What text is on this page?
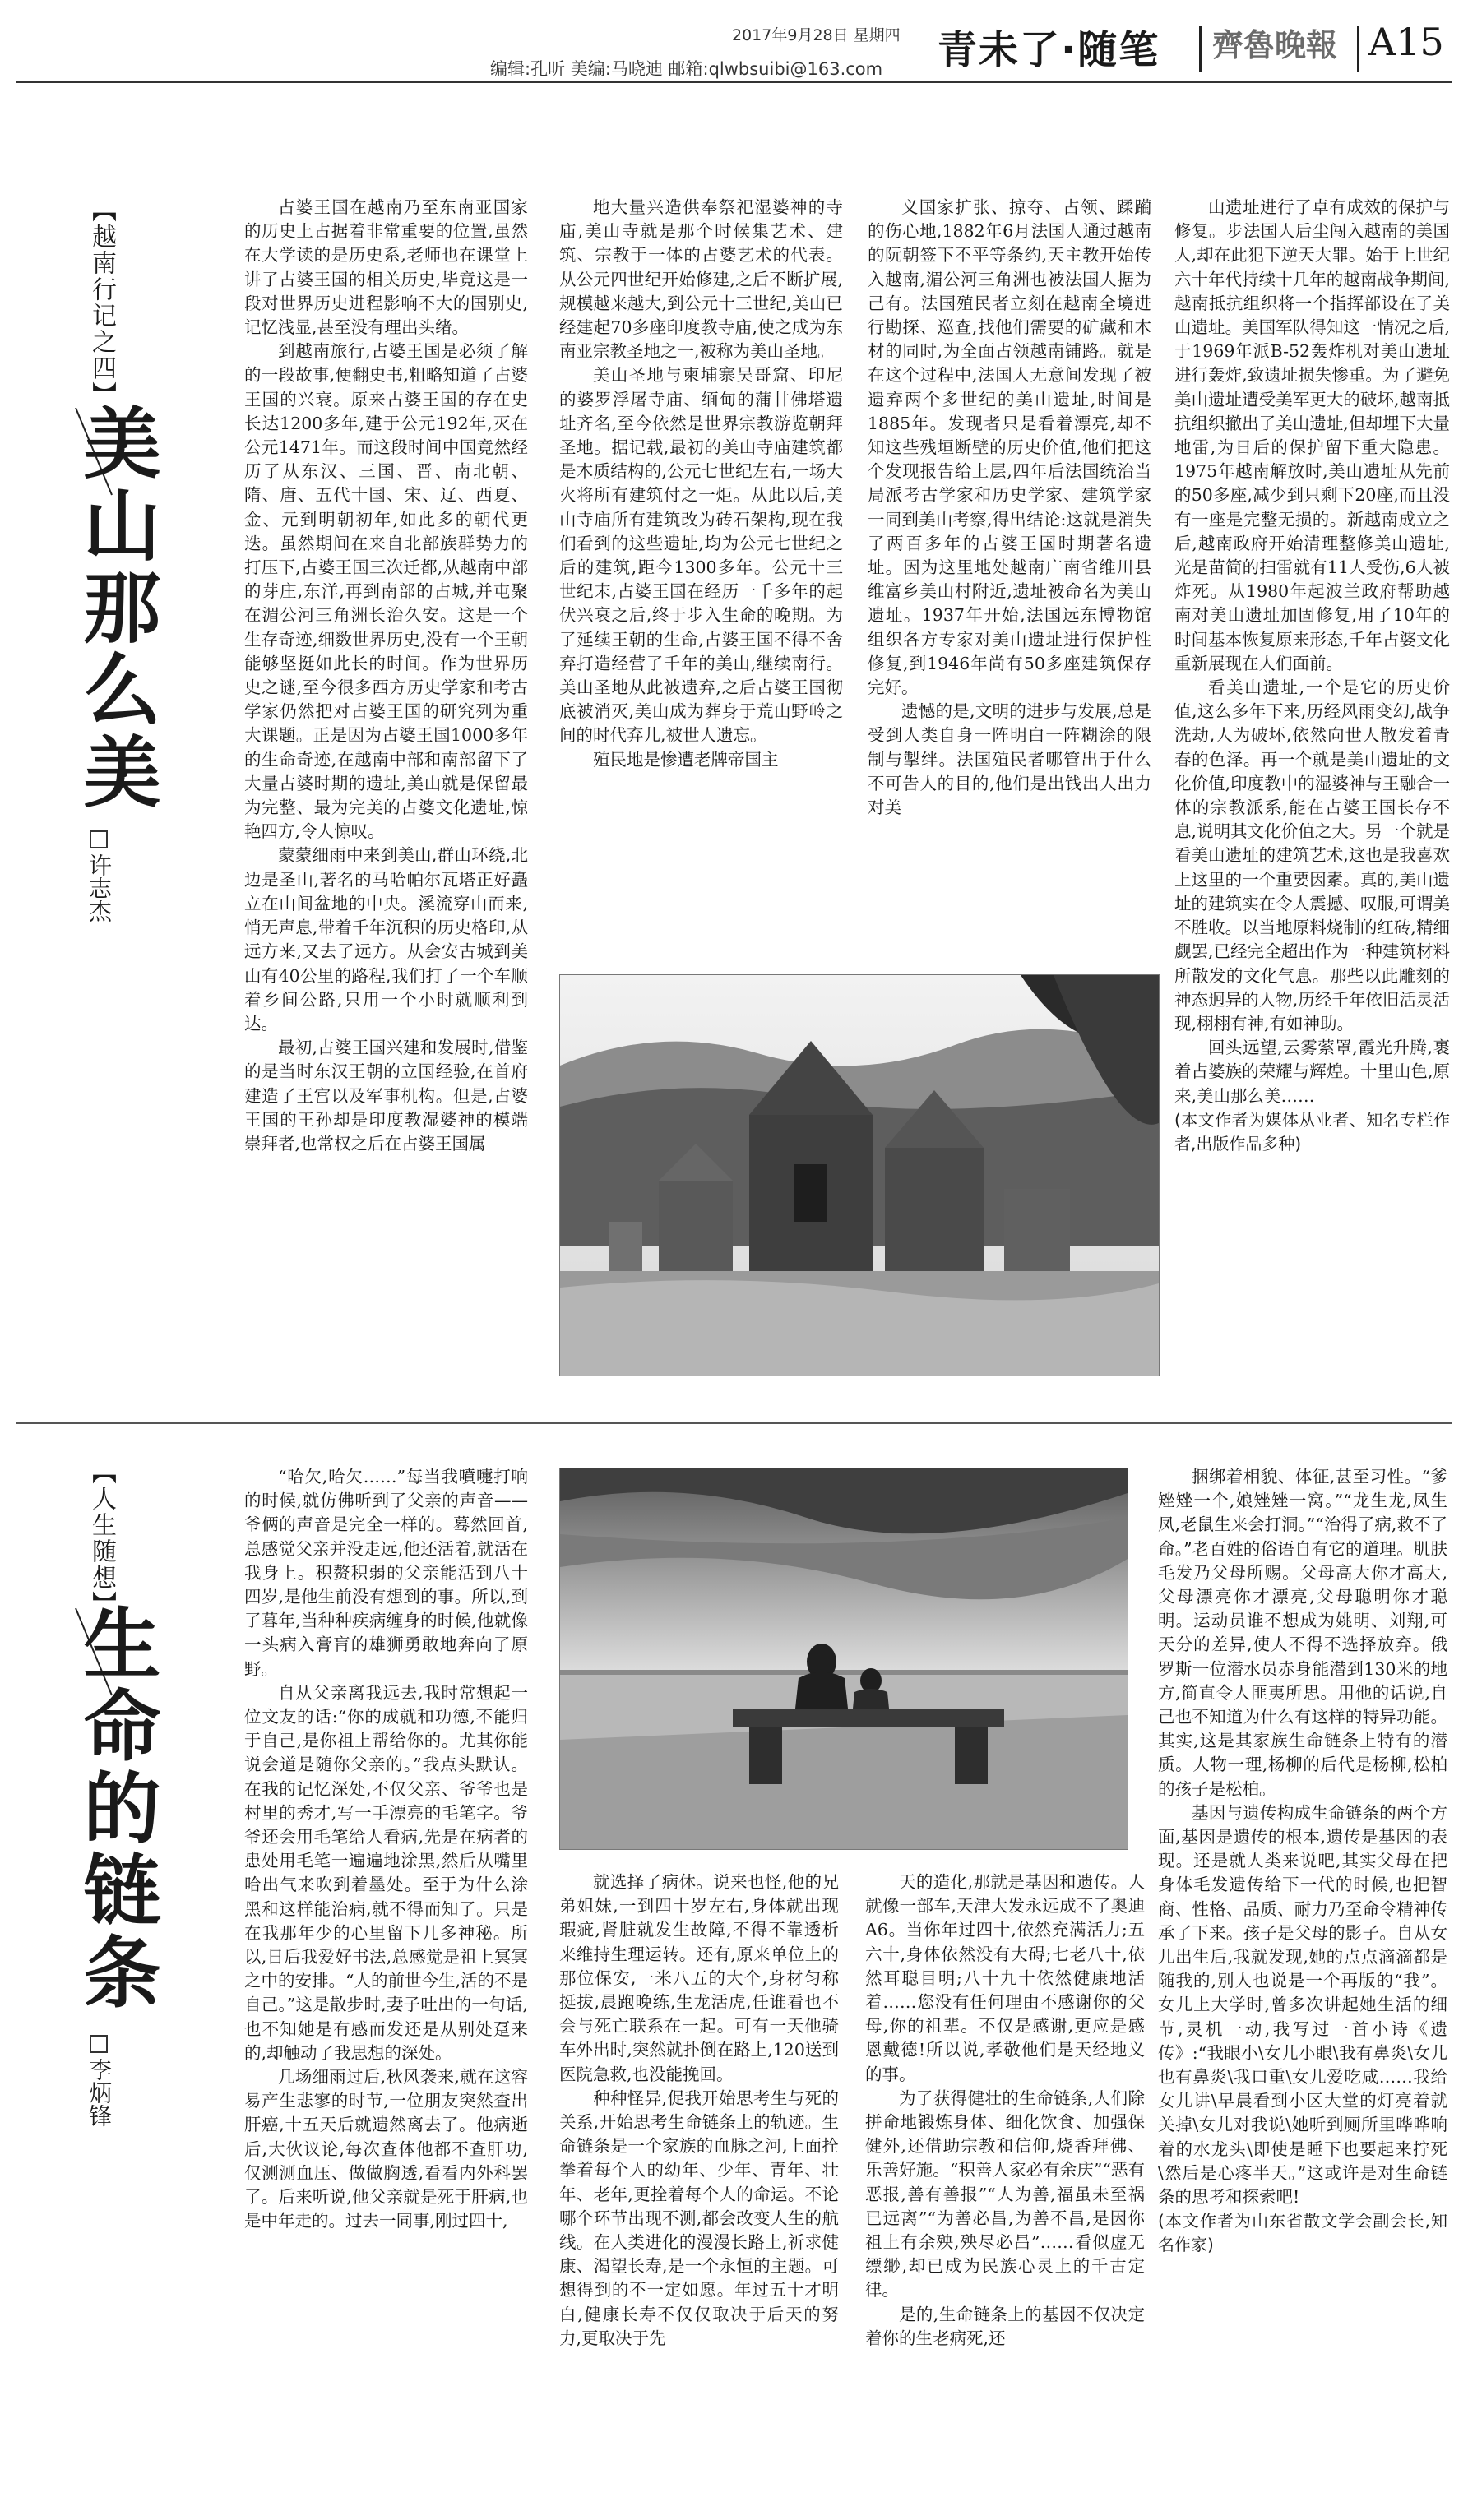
2017年9月28日 星期四
编辑:孔昕 美编:马晓迪 邮箱:qlwbsuibi@163.com 青未了·随笔 齊魯晚報 A15
【越南行记之四】
美山那么美
许志杰

占婆王国在越南乃至东南亚国家的历史上占据着非常重要的位置,虽然在大学读的是历史系,老师也在课堂上讲了占婆王国的相关历史,毕竟这是一段对世界历史进程影响不大的国别史,记忆浅显,甚至没有理出头绪。

到越南旅行,占婆王国是必须了解的一段故事,便翻史书,粗略知道了占婆王国的兴衰。原来占婆王国的存在史长达1200多年,建于公元192年,灭在公元1471年。而这段时间中国竟然经历了从东汉、三国、晋、南北朝、隋、唐、五代十国、宋、辽、西夏、金、元到明朝初年,如此多的朝代更迭。虽然期间在来自北部族群势力的打压下,占婆王国三次迁都,从越南中部的芽庄,东洋,再到南部的占城,并屯聚在湄公河三角洲长治久安。这是一个生存奇迹,细数世界历史,没有一个王朝能够坚挺如此长的时间。作为世界历史之谜,至今很多西方历史学家和考古学家仍然把对占婆王国的研究列为重大课题。正是因为占婆王国1000多年的生命奇迹,在越南中部和南部留下了大量占婆时期的遗址,美山就是保留最为完整、最为完美的占婆文化遗址,惊艳四方,令人惊叹。

蒙蒙细雨中来到美山,群山环绕,北边是圣山,著名的马哈帕尔瓦塔正好矗立在山间盆地的中央。溪流穿山而来,悄无声息,带着千年沉积的历史格印,从远方来,又去了远方。从会安古城到美山有40公里的路程,我们打了一个车顺着乡间公路,只用一个小时就顺利到达。

最初,占婆王国兴建和发展时,借鉴的是当时东汉王朝的立国经验,在首府建造了王宫以及军事机构。但是,占婆王国的王孙却是印度教湿婆神的模端崇拜者,也常权之后在占婆王国属

地大量兴造供奉祭祀湿婆神的寺庙,美山寺就是那个时候集艺术、建筑、宗教于一体的占婆艺术的代表。从公元四世纪开始修建,之后不断扩展,规模越来越大,到公元十三世纪,美山已经建起70多座印度教寺庙,使之成为东南亚宗教圣地之一,被称为美山圣地。

美山圣地与柬埔寨吴哥窟、印尼的婆罗浮屠寺庙、缅甸的蒲甘佛塔遗址齐名,至今依然是世界宗教游览朝拜圣地。据记载,最初的美山寺庙建筑都是木质结构的,公元七世纪左右,一场大火将所有建筑付之一炬。从此以后,美山寺庙所有建筑改为砖石架构,现在我们看到的这些遗址,均为公元七世纪之后的建筑,距今1300多年。公元十三世纪末,占婆王国在经历一千多年的起伏兴衰之后,终于步入生命的晚期。为了延续王朝的生命,占婆王国不得不舍弃打造经营了千年的美山,继续南行。美山圣地从此被遗弃,之后占婆王国彻底被消灭,美山成为葬身于荒山野岭之间的时代弃儿,被世人遗忘。

殖民地是惨遭老牌帝国主

义国家扩张、掠夺、占领、蹂躏的伤心地,1882年6月法国人通过越南的阮朝签下不平等条约,天主教开始传入越南,湄公河三角洲也被法国人据为己有。法国殖民者立刻在越南全境进行勘探、巡查,找他们需要的矿藏和木材的同时,为全面占领越南铺路。就是在这个过程中,法国人无意间发现了被遗弃两个多世纪的美山遗址,时间是1885年。发现者只是看着漂亮,却不知这些残垣断壁的历史价值,他们把这个发现报告给上层,四年后法国统治当局派考古学家和历史学家、建筑学家一同到美山考察,得出结论:这就是消失了两百多年的占婆王国时期著名遗址。因为这里地处越南广南省维川县维富乡美山村附近,遗址被命名为美山遗址。1937年开始,法国远东博物馆组织各方专家对美山遗址进行保护性修复,到1946年尚有50多座建筑保存完好。

遗憾的是,文明的进步与发展,总是受到人类自身一阵明白一阵糊涂的限制与掣绊。法国殖民者哪管出于什么不可告人的目的,他们是出钱出人出力对美

山遗址进行了卓有成效的保护与修复。步法国人后尘闯入越南的美国人,却在此犯下逆天大罪。始于上世纪六十年代持续十几年的越南战争期间,越南抵抗组织将一个指挥部设在了美山遗址。美国军队得知这一情况之后,于1969年派B-52轰炸机对美山遗址进行轰炸,致遗址损失惨重。为了避免美山遗址遭受美军更大的破坏,越南抵抗组织撤出了美山遗址,但却埋下大量地雷,为日后的保护留下重大隐患。1975年越南解放时,美山遗址从先前的50多座,减少到只剩下20座,而且没有一座是完整无损的。新越南成立之后,越南政府开始清理整修美山遗址,光是苗简的扫雷就有11人受伤,6人被炸死。从1980年起波兰政府帮助越南对美山遗址加固修复,用了10年的时间基本恢复原来形态,千年占婆文化重新展现在人们面前。

看美山遗址,一个是它的历史价值,这么多年下来,历经风雨变幻,战争洗劫,人为破坏,依然向世人散发着青春的色泽。再一个就是美山遗址的文化价值,印度教中的湿婆神与王融合一体的宗教派系,能在占婆王国长存不息,说明其文化价值之大。另一个就是看美山遗址的建筑艺术,这也是我喜欢上这里的一个重要因素。真的,美山遗址的建筑实在令人震撼、叹服,可谓美不胜收。以当地原料烧制的红砖,精细觑罢,已经完全超出作为一种建筑材料所散发的文化气息。那些以此雕刻的神态迥异的人物,历经千年依旧活灵活现,栩栩有神,有如神助。

回头远望,云雾萦罩,霞光升腾,裹着占婆族的荣耀与辉煌。十里山色,原来,美山那么美……

(本文作者为媒体从业者、知名专栏作者,出版作品多种)
【人生随想】
生命的链条
李炳锋

“哈欠,哈欠……”每当我噴嚏打响的时候,就仿佛听到了父亲的声音——爷俩的声音是完全一样的。蓦然回首,总感觉父亲并没走远,他还活着,就活在我身上。积赘积弱的父亲能活到八十四岁,是他生前没有想到的事。所以,到了暮年,当种种疾病缠身的时候,他就像一头病入膏肓的雄狮勇敢地奔向了原野。

自从父亲离我远去,我时常想起一位文友的话:“你的成就和功德,不能归于自己,是你祖上帮给你的。尤其你能说会道是随你父亲的。”我点头默认。在我的记忆深处,不仅父亲、爷爷也是村里的秀才,写一手漂亮的毛笔字。爷爷还会用毛笔给人看病,先是在病者的患处用毛笔一遍遍地涂黑,然后从嘴里哈出气来吹到着墨处。至于为什么涂黑和这样能治病,就不得而知了。只是在我那年少的心里留下几多神秘。所以,日后我爱好书法,总感觉是祖上冥冥之中的安排。“人的前世今生,活的不是自己。”这是散步时,妻子吐出的一句话,也不知她是有感而发还是从别处趸来的,却触动了我思想的深处。

几场细雨过后,秋风袭来,就在这容易产生悲寥的时节,一位朋友突然查出肝癌,十五天后就遗然离去了。他病逝后,大伙议论,每次查体他都不查肝功,仅测测血压、做做胸透,看看内外科罢了。后来听说,他父亲就是死于肝病,也是中年走的。过去一同事,刚过四十,

就选择了病休。说来也怪,他的兄弟姐妹,一到四十岁左右,身体就出现瑕疵,肾脏就发生故障,不得不靠透析来维持生理运转。还有,原来单位上的那位保安,一米八五的大个,身材匀称挺拔,晨跑晚练,生龙活虎,任谁看也不会与死亡联系在一起。可有一天他骑车外出时,突然就扑倒在路上,120送到医院急救,也没能挽回。

种种怪异,促我开始思考生与死的关系,开始思考生命链条上的轨迹。生命链条是一个家族的血脉之河,上面拴拳着每个人的幼年、少年、青年、壮年、老年,更拴着每个人的命运。不论哪个环节出现不测,都会改变人生的航线。在人类进化的漫漫长路上,祈求健康、渴望长寿,是一个永恒的主题。可想得到的不一定如愿。年过五十才明白,健康长寿不仅仅取决于后天的努力,更取决于先

天的造化,那就是基因和遗传。人就像一部车,天津大发永远成不了奥迪A6。当你年过四十,依然充满活力;五六十,身体依然没有大碍;七老八十,依然耳聪目明;八十九十依然健康地活着……您没有任何理由不感谢你的父母,你的祖辈。不仅是感谢,更应是感恩戴德!所以说,孝敬他们是天经地义的事。

为了获得健壮的生命链条,人们除拼命地锻炼身体、细化饮食、加强保健外,还借助宗教和信仰,烧香拜佛、乐善好施。“积善人家必有余庆”“恶有恶报,善有善报”“人为善,福虽未至祸已远离”“为善必昌,为善不昌,是因你祖上有余殃,殃尽必昌”……看似虚无缥缈,却已成为民族心灵上的千古定律。

是的,生命链条上的基因不仅决定着你的生老病死,还

捆绑着相貌、体征,甚至习性。“爹矬矬一个,娘矬矬一窝。”“龙生龙,凤生凤,老鼠生来会打洞。”“治得了病,救不了命。”老百姓的俗语自有它的道理。肌肤毛发乃父母所赐。父母高大你才高大,父母漂亮你才漂亮,父母聪明你才聪明。运动员谁不想成为姚明、刘翔,可天分的差异,使人不得不选择放弃。俄罗斯一位潜水员赤身能潜到130米的地方,简直令人匪夷所思。用他的话说,自己也不知道为什么有这样的特异功能。其实,这是其家族生命链条上特有的潜质。人物一理,杨柳的后代是杨柳,松柏的孩子是松柏。

基因与遗传构成生命链条的两个方面,基因是遗传的根本,遗传是基因的表现。还是就人类来说吧,其实父母在把身体毛发遗传给下一代的时候,也把智商、性格、品质、耐力乃至命令精神传承了下来。孩子是父母的影子。自从女儿出生后,我就发现,她的点点滴滴都是随我的,别人也说是一个再版的“我”。女儿上大学时,曾多次讲起她生活的细节,灵机一动,我写过一首小诗《遗传》:“我眼小\女儿小眼\我有鼻炎\女儿也有鼻炎\我口重\女儿爱吃咸……我给女儿讲\早晨看到小区大堂的灯亮着就关掉\女儿对我说\她听到厕所里哗哗响着的水龙头\即使是睡下也要起来拧死\然后是心疼半天。”这或许是对生命链条的思考和探索吧!

(本文作者为山东省散文学会副会长,知名作家)
